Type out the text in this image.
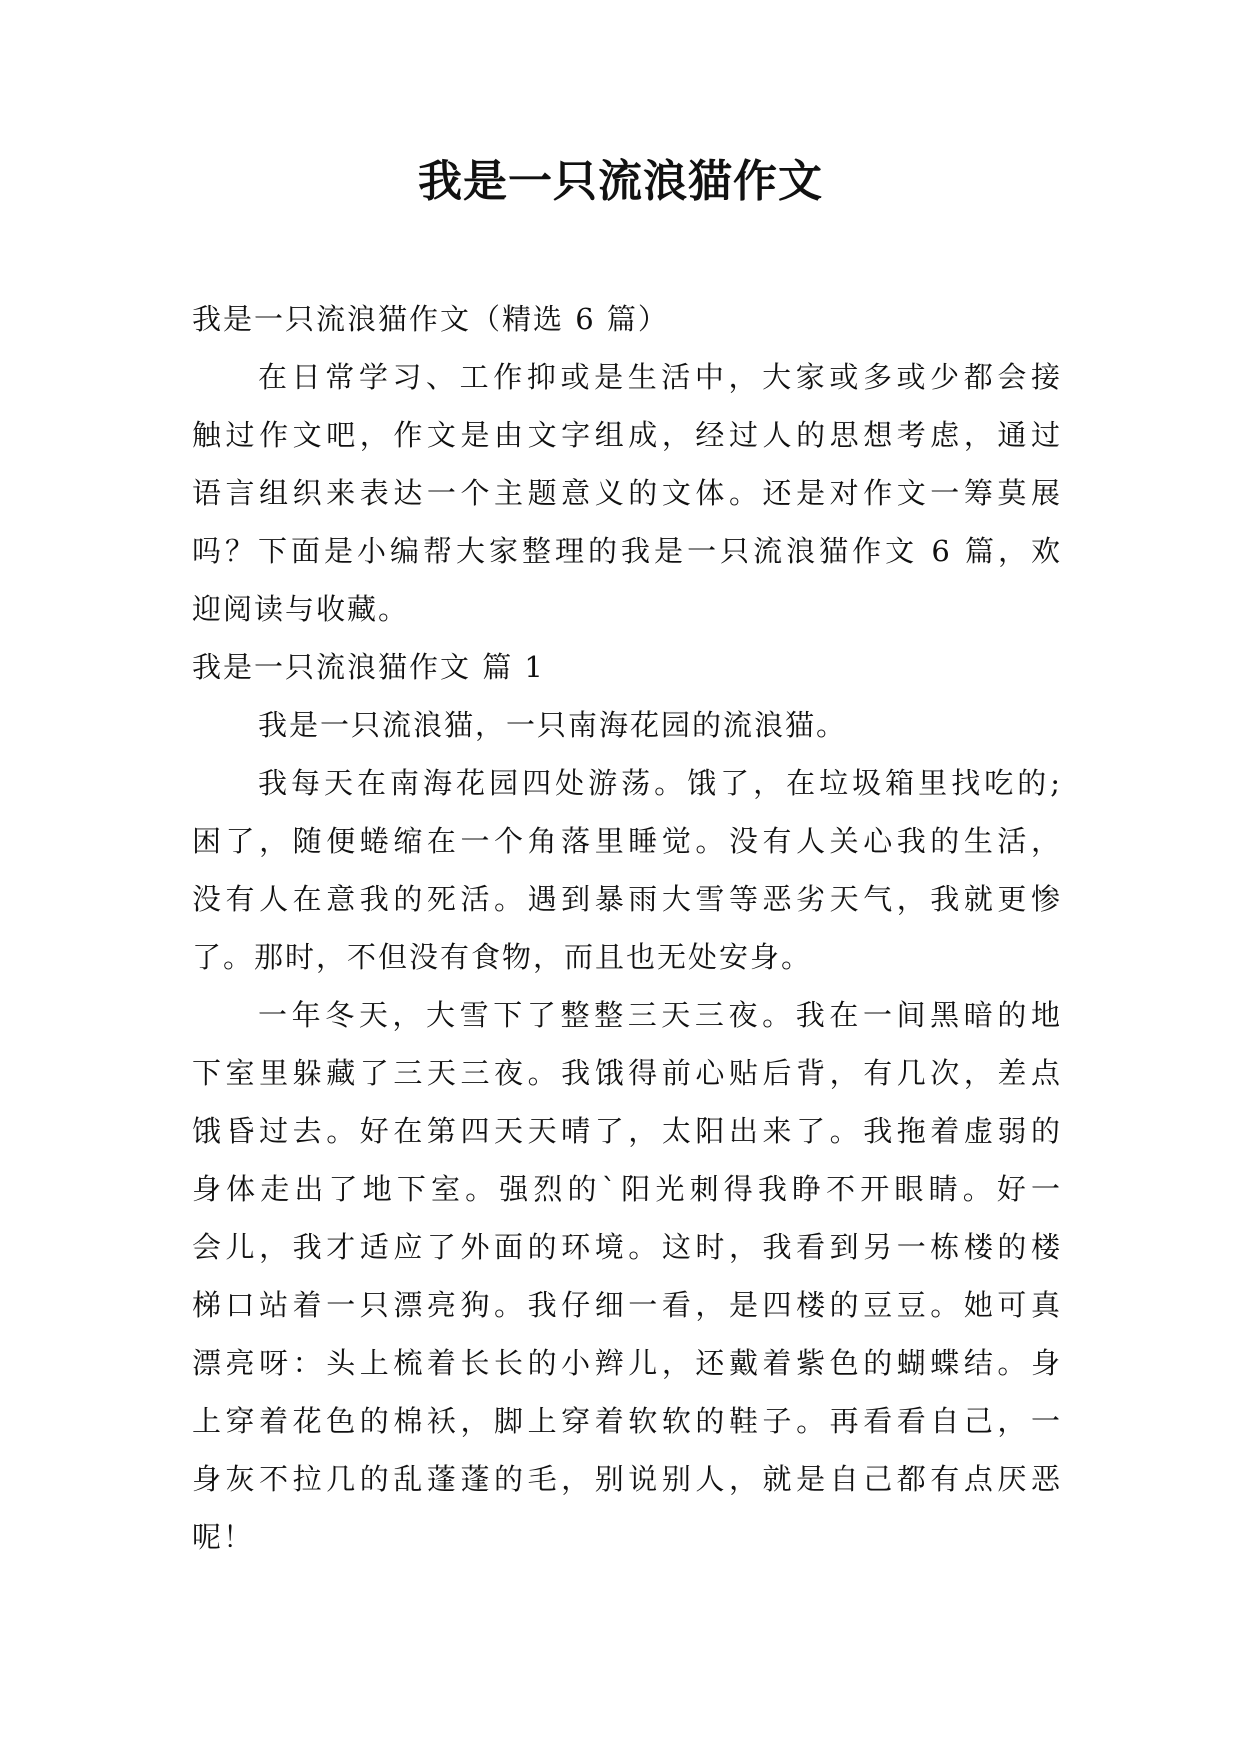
我是一只流浪猫作文
我是一只流浪猫作文（精选 6 篇）
在日常学习、工作抑或是生活中，大家或多或少都会接
触过作文吧，作文是由文字组成，经过人的思想考虑，通过
语言组织来表达一个主题意义的文体。还是对作文一筹莫展
吗？下面是小编帮大家整理的我是一只流浪猫作文 6 篇，欢
迎阅读与收藏。
我是一只流浪猫作文 篇 1
我是一只流浪猫，一只南海花园的流浪猫。
我每天在南海花园四处游荡。饿了，在垃圾箱里找吃的;
困了，随便蜷缩在一个角落里睡觉。没有人关心我的生活，
没有人在意我的死活。遇到暴雨大雪等恶劣天气，我就更惨
了。那时，不但没有食物，而且也无处安身。
一年冬天，大雪下了整整三天三夜。我在一间黑暗的地
下室里躲藏了三天三夜。我饿得前心贴后背，有几次，差点
饿昏过去。好在第四天天晴了，太阳出来了。我拖着虚弱的
身体走出了地下室。强烈的`阳光刺得我睁不开眼睛。好一
会儿，我才适应了外面的环境。这时，我看到另一栋楼的楼
梯口站着一只漂亮狗。我仔细一看，是四楼的豆豆。她可真
漂亮呀：头上梳着长长的小辫儿，还戴着紫色的蝴蝶结。身
上穿着花色的棉袄，脚上穿着软软的鞋子。再看看自己，一
身灰不拉几的乱蓬蓬的毛，别说别人，就是自己都有点厌恶
呢！
